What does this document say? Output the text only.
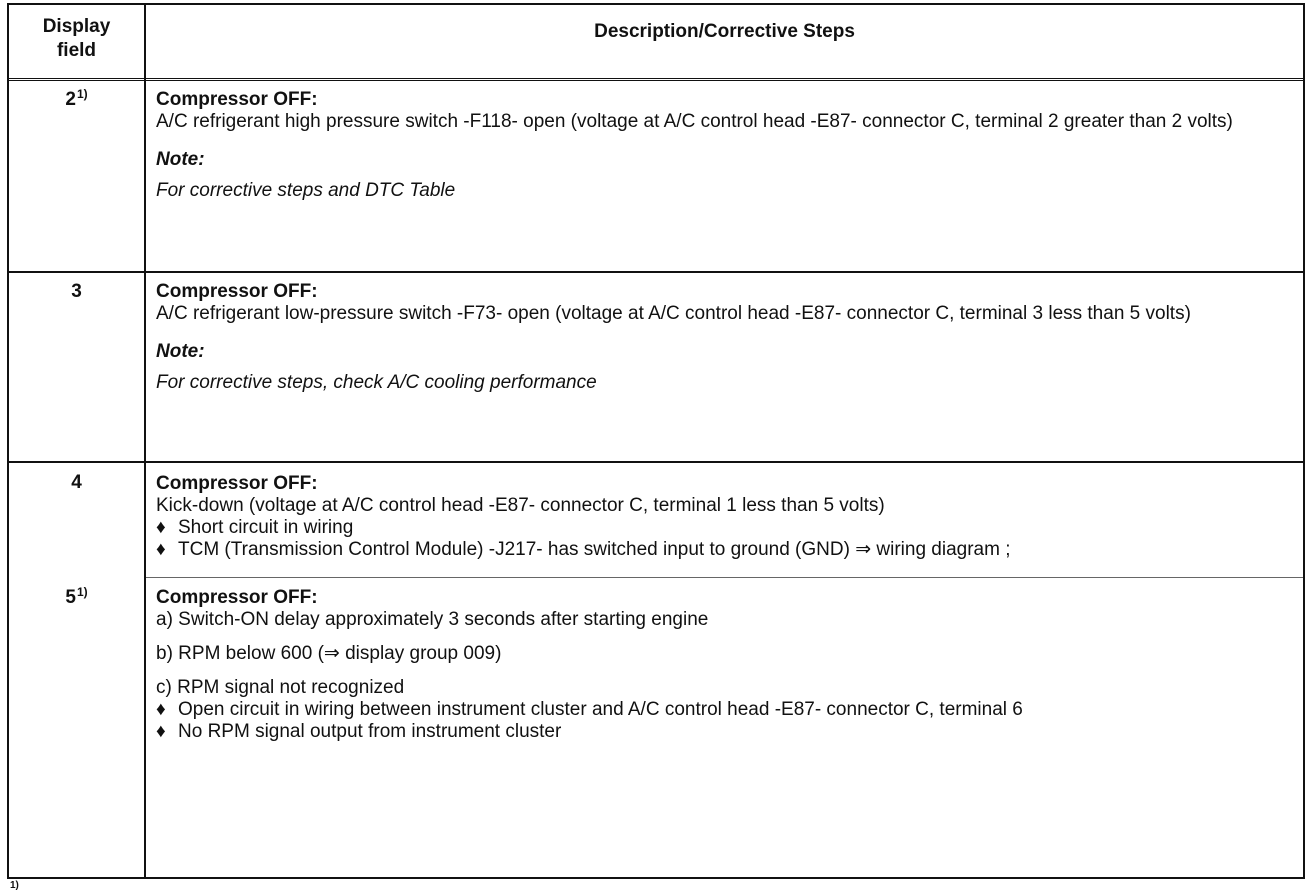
Display
field
Description/Corrective Steps
2$^{1)}$	Compressor OFF:
A/C refrigerant high pressure switch -F118- open (voltage at A/C control head -E87- connector C, terminal 2 greater than 2 volts)
Note:
For corrective steps and DTC Table
3	Compressor OFF:
A/C refrigerant low-pressure switch -F73- open (voltage at A/C control head -E87- connector C, terminal 3 less than 5 volts)
Note:
For corrective steps, check A/C cooling performance
4	Compressor OFF:
Kick-down (voltage at A/C control head -E87- connector C, terminal 1 less than 5 volts)
♦ Short circuit in wiring
♦ TCM (Transmission Control Module) -J217- has switched input to ground (GND) ⇒ wiring diagram ;
5$^{1)}$	Compressor OFF:
a) Switch-ON delay approximately 3 seconds after starting engine
b) RPM below 600 (⇒ display group 009)
c) RPM signal not recognized
♦ Open circuit in wiring between instrument cluster and A/C control head -E87- connector C, terminal 6
♦ No RPM signal output from instrument cluster
1)
